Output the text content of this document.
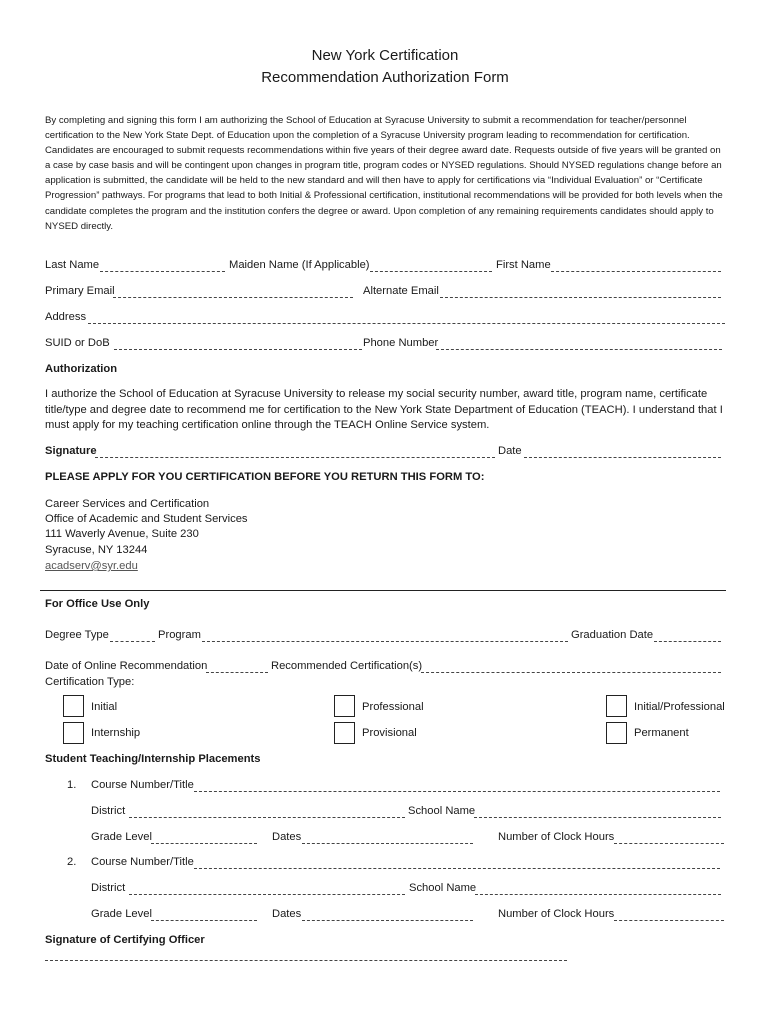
New York Certification
Recommendation Authorization Form
By completing and signing this form I am authorizing the School of Education at Syracuse University to submit a recommendation for teacher/personnel certification to the New York State Dept. of Education upon the completion of a Syracuse University program leading to recommendation for certification. Candidates are encouraged to submit requests recommendations within five years of their degree award date. Requests outside of five years will be granted on a case by case basis and will be contingent upon changes in program title, program codes or NYSED regulations. Should NYSED regulations change before an application is submitted, the candidate will be held to the new standard and will then have to apply for certifications via “Individual Evaluation” or “Certificate Progression” pathways. For programs that lead to both Initial & Professional certification, institutional recommendations will be provided for both levels when the candidate completes the program and the institution confers the degree or award. Upon completion of any remaining requirements candidates should apply to NYSED directly.
Last Name	Maiden Name (If Applicable)	First Name
Primary Email	Alternate Email
Address
SUID or DoB	Phone Number
Authorization
I authorize the School of Education at Syracuse University to release my social security number, award title, program name, certificate title/type and degree date to recommend me for certification to the New York State Department of Education (TEACH). I understand that I must apply for my teaching certification online through the TEACH Online Service system.
Signature	Date
PLEASE APPLY FOR YOU CERTIFICATION BEFORE YOU RETURN THIS FORM TO:
Career Services and Certification
Office of Academic and Student Services
111 Waverly Avenue, Suite 230
Syracuse, NY 13244
acadserv@syr.edu
For Office Use Only
Degree Type	Program	Graduation Date
Date of Online Recommendation	Recommended Certification(s)
Certification Type:
Initial	Professional	Initial/Professional
Internship	Provisional	Permanent
Student Teaching/Internship Placements
1. Course Number/Title
District	School Name
Grade Level	Dates	Number of Clock Hours
2. Course Number/Title
District	School Name
Grade Level	Dates	Number of Clock Hours
Signature of Certifying Officer
